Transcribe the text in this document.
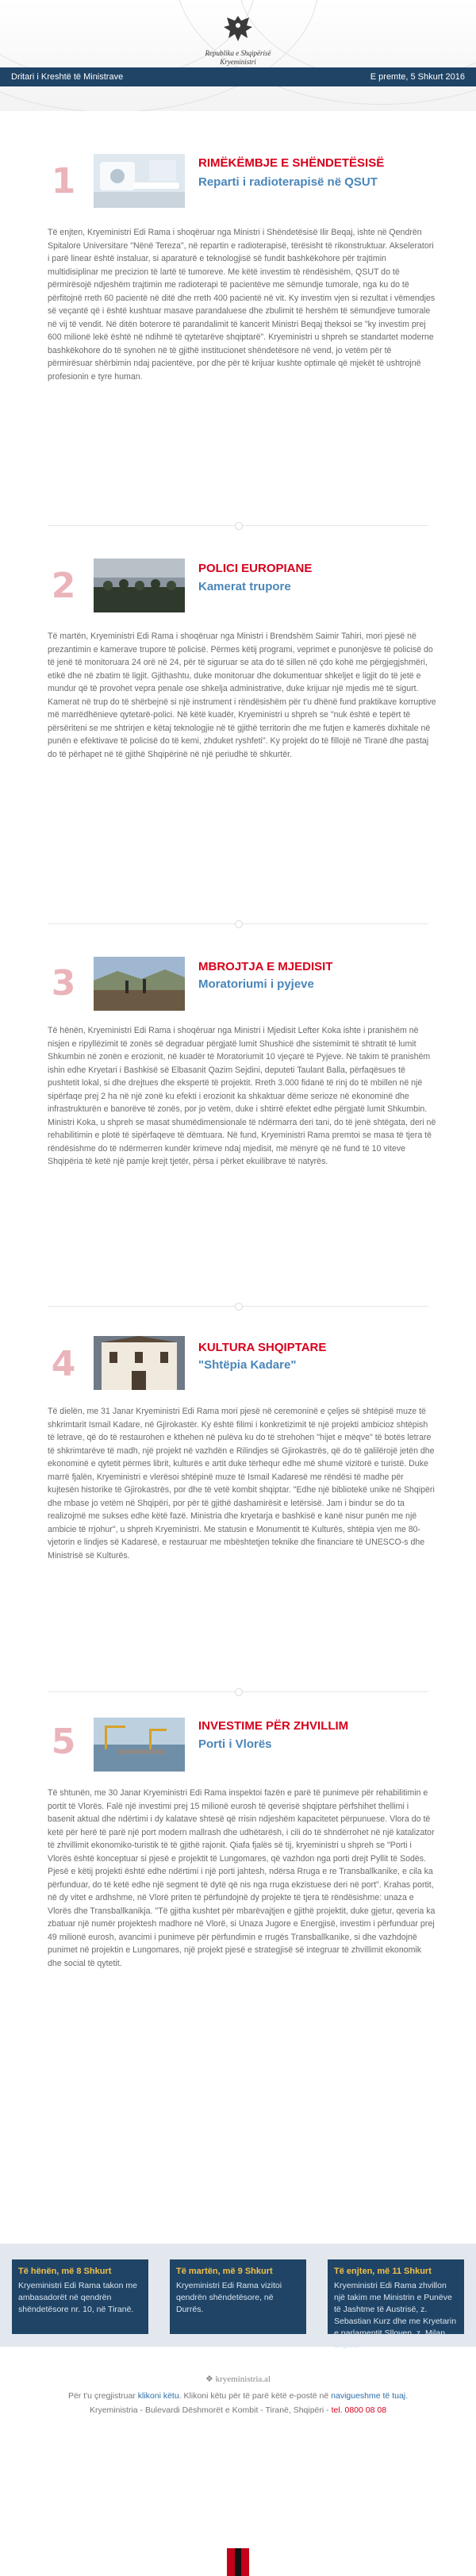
Republika e Shqipërisë
Kryeministri
Dritari i Kreshtë të Ministrave	E premte, 5 Shkurt 2016
1	RIMËKËMBJE E SHËNDETËSISË
Reparti i radioterapisë në QSUT
Të enjten, Kryeministri Edi Rama i shoqëruar nga Ministri i Shëndetësisë Ilir Beqaj, ishte në Qendrën Spitalore Universitare "Nënë Tereza", në repartin e radioterapisë, tërësisht të rikonstruktuar. Akseleratori i parë linear është instaluar, si aparaturë e teknologjisë së fundit bashkëkohore për trajtimin multidisiplinar me precizion të lartë të tumoreve. Me këtë investim të rëndësishëm, QSUT do të përmirësojë ndjeshëm trajtimin me radioterapi të pacientëve me sëmundje tumorale, nga ku do të përfitojnë rreth 60 pacientë në ditë dhe rreth 400 pacientë në vit. Ky investim vjen si rezultat i vëmendjes së veçantë që i është kushtuar masave parandaluese dhe zbulimit të hershëm të sëmundjeve tumorale në vij të vendit. Në ditën boterore të parandalimit të kancerit Ministri Beqaj theksoi se "ky investim prej 600 milionë lekë është në ndihmë të qytetarëve shqiptarë". Kryeministri u shpreh se standartet moderne bashkëkohore do të synohen në të gjithë institucionet shëndetësore në vend, jo vetëm për të përmirësuar shërbimin ndaj pacientëve, por dhe për të krijuar kushte optimale që mjekët të ushtrojnë profesionin e tyre human.
2	POLICI EUROPIANE
Kamerat trupore
Të martën, Kryeministri Edi Rama i shoqëruar nga Ministri i Brendshëm Saimir Tahiri, mori pjesë në prezantimin e kamerave trupore të policisë. Përmes këtij programi, veprimet e punonjësve të policisë do të jenë të monitoruara 24 orë në 24, për të siguruar se ata do të sillen në çdo kohë me përgjegjshmëri, etikë dhe në zbatim të ligjit. Gjithashtu, duke monitoruar dhe dokumentuar shkeljet e ligjit do të jetë e mundur që të provohet vepra penale ose shkelja administrative, duke krijuar një mjedis më të sigurt. Kamerat në trup do të shërbejnë si një instrument i rëndësishëm për t'u dhënë fund praktikave korruptive më marrëdhënieve qytetarë-polici. Në këtë kuadër, Kryeministri u shpreh se "nuk është e tepërt të përsëriteni se me shtrirjen e këtaj teknologjie në të gjithë territorin dhe me futjen e kamerës dixhitale në punën e efektivave të policisë do të kemi, zhduket ryshfeti". Ky projekt do të fillojë në Tiranë dhe pastaj do të përhapet në të gjithë Shqipërinë në një periudhë të shkurtër.
3	MBROJTJA E MJEDISIT
Moratoriumi i pyjeve
Të hënën, Kryeministri Edi Rama i shoqëruar nga Ministri i Mjedisit Lefter Koka ishte i pranishëm në nisjen e ripyllëzimit të zonës së degraduar përgjatë lumit Shushicë dhe sistemimit të shtratit të lumit Shkumbin në zonën e erozionit, në kuadër të Moratoriumit 10 vjeçarë të Pyjeve. Në takim të pranishëm ishin edhe Kryetari i Bashkisë së Elbasanit Qazim Sejdini, deputeti Taulant Balla, përfaqësues të pushtetit lokal, si dhe drejtues dhe ekspertë të projektit. Rreth 3.000 fidanë të rinj do të mbillen në një sipërfaqe prej 2 ha në një zonë ku efekti i erozionit ka shkaktuar dëme serioze në ekonominë dhe infrastrukturën e banorëve të zonës, por jo vetëm, duke i shtirrë efektet edhe përgjatë lumit Shkumbin. Ministri Koka, u shpreh se masat shumëdimensionale të ndërmarra deri tani, do të jenë shtëgata, deri në rehabilitimin e plotë të sipërfaqeve të dëmtuara. Në fund, Kryeministri Rama premtoi se masa të tjera të rëndësishme do të ndërmerren kundër krimeve ndaj mjedisit, më mënyrë që në fund të 10 viteve Shqipëria të ketë një pamje krejt tjetër, përsa i përket ekuilibrave të natyrës.
4	KULTURA SHQIPTARE
"Shtëpia Kadare"
Të dielën, me 31 Janar Kryeministri Edi Rama mori pjesë në ceremoninë e çeljes së shtëpisë muze të shkrimtarit Ismail Kadare, në Gjirokastër. Ky është filimi i konkretizimit të një projekti ambicioz shtëpish të letrave, që do të restaurohen e kthehen në pulëva ku do të strehohen "hijet e mëqve" të botës letrare të shkrimtarëve të madh, një projekt në vazhdën e Rilindjes së Gjirokastrës, që do të galilërojë jetën dhe ekonominë e qytetit përmes librit, kulturës e artit duke tërhequr edhe më shumë vizitorë e turistë. Duke marrë fjalën, Kryeministri e vlerësoi shtëpinë muze të Ismail Kadaresë me rëndësi të madhe për kujtesën historike të Gjirokastrës, por dhe të vetë kombit shqiptar. "Edhe një bibliotekë unike në Shqipëri dhe mbase jo vetëm në Shqipëri, por për të gjithë dashamirësit e letërsisë. Jam i bindur se do ta realizojmë me sukses edhe këtë fazë. Ministria dhe kryetarja e bashkisë e kanë nisur punën me një ambicie të rrjohur", u shpreh Kryeministri. Me statusin e Monumentit të Kulturës, shtëpia vjen me 80-vjetorin e lindjes së Kadaresë, e restauruar me mbështetjen teknike dhe financiare të UNESCO-s dhe Ministrisë së Kulturës.
5	INVESTIME PËR ZHVILLIM
Porti i Vlorës
Të shtunën, me 30 Janar Kryeministri Edi Rama inspektoi fazën e parë të punimeve për rehabilitimin e portit të Vlorës. Falë një investimi prej 15 milionë eurosh të qeverisë shqiptare përfshihet thellimi i basenit aktual dhe ndërtimi i dy kalatave shtesë që rrisin ndjeshëm kapacitetet përpunuese. Vlora do të ketë për herë të parë një port modern mallrash dhe udhëtarësh, i cili do të shndërrohet në një katalizator të zhvillimit ekonomiko-turistik të të gjithë rajonit. Qiafa fjalës së tij, kryeministri u shpreh se "Porti i Vlorës është konceptuar si pjesë e projektit të Lungomares, që vazhdon nga porti drejt Pyllit të Sodës. Pjesë e këtij projekti është edhe ndërtimi i një porti jahtesh, ndërsa Rruga e re Transballkanike, e cila ka përfunduar, do të ketë edhe një segment të dytë që nis nga rruga ekzistuese deri në port". Krahas portit, në dy vitet e ardhshme, në Vlorë priten të përfundojnë dy projekte të tjera të rëndësishme: unaza e Vlorës dhe Transballkanikja. "Të gjitha kushtet për mbarëvajtjen e gjithë projektit, duke gjetur, qeveria ka zbatuar një numër projektesh madhore në Vlorë, si Unaza Jugore e Energjisë, investim i përfunduar prej 49 milionë eurosh, avancimi i punimeve për përfundimin e rrugës Transballkanike, si dhe vazhdojnë punimet në projektin e Lungomares, një projekt pjesë e strategjisë së integruar të zhvillimit ekonomik dhe social të qytetit.
Të hënën, më 8 Shkurt
Kryeministri Edi Rama takon me ambasadorët në qendrën shëndetësore nr. 10, në Tiranë.
Të martën, më 9 Shkurt
Kryeministri Edi Rama vizitoi qendrën shëndetësore, në Durrës.
Të enjten, më 11 Shkurt
Kryeministri Edi Rama zhvillon një takim me Ministrin e Punëve të Jashtme të Austrisë, z. Sebastian Kurz dhe me Kryetarin e parlamentit Slloven, z. Milan Brglez.
❖ kryeministria.al
Për t'u çregjistruar klikoni këtu. Klikoni këtu për të parë këtë e-postë në navigueshme të tuaj.
Kryeministria - Bulevardi Dëshmorët e Kombit - Tiranë, Shqipëri - tel. 0800 08 08
